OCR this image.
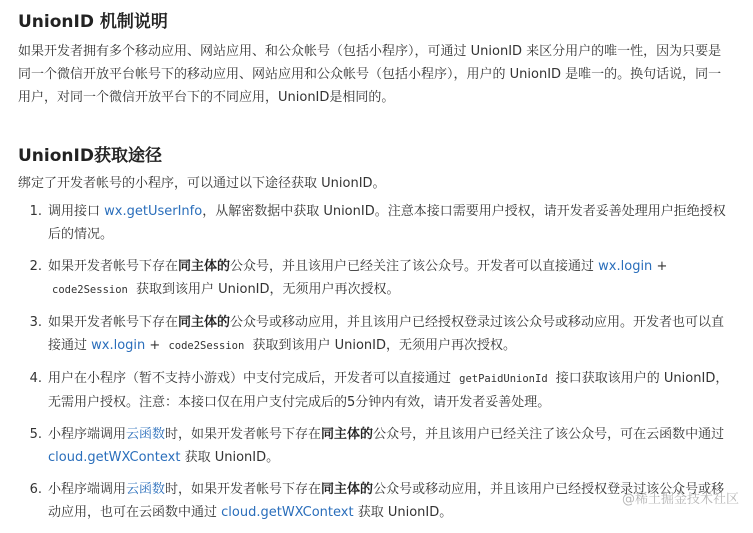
UnionID 机制说明

如果开发者拥有多个移动应用、网站应用、和公众帐号（包括小程序），可通过 UnionID 来区分用户的唯一性，因为只要是同一个微信开放平台帐号下的移动应用、网站应用和公众帐号（包括小程序），用户的 UnionID 是唯一的。换句话说，同一用户，对同一个微信开放平台下的不同应用，UnionID是相同的。

UnionID获取途径

绑定了开发者帐号的小程序，可以通过以下途径获取 UnionID。

1. 调用接口 wx.getUserInfo，从解密数据中获取 UnionID。注意本接口需要用户授权，请开发者妥善处理用户拒绝授权后的情况。
2. 如果开发者帐号下存在同主体的公众号，并且该用户已经关注了该公众号。开发者可以直接通过 wx.login + code2Session 获取到该用户 UnionID，无须用户再次授权。
3. 如果开发者帐号下存在同主体的公众号或移动应用，并且该用户已经授权登录过该公众号或移动应用。开发者也可以直接通过 wx.login + code2Session 获取到该用户 UnionID，无须用户再次授权。
4. 用户在小程序（暂不支持小游戏）中支付完成后，开发者可以直接通过 getPaidUnionId 接口获取该用户的 UnionID，无需用户授权。注意：本接口仅在用户支付完成后的5分钟内有效，请开发者妥善处理。
5. 小程序端调用云函数时，如果开发者帐号下存在同主体的公众号，并且该用户已经关注了该公众号，可在云函数中通过 cloud.getWXContext 获取 UnionID。
6. 小程序端调用云函数时，如果开发者帐号下存在同主体的公众号或移动应用，并且该用户已经授权登录过该公众号或移动应用，也可在云函数中通过 cloud.getWXContext 获取 UnionID。
@稀土掘金技术社区
